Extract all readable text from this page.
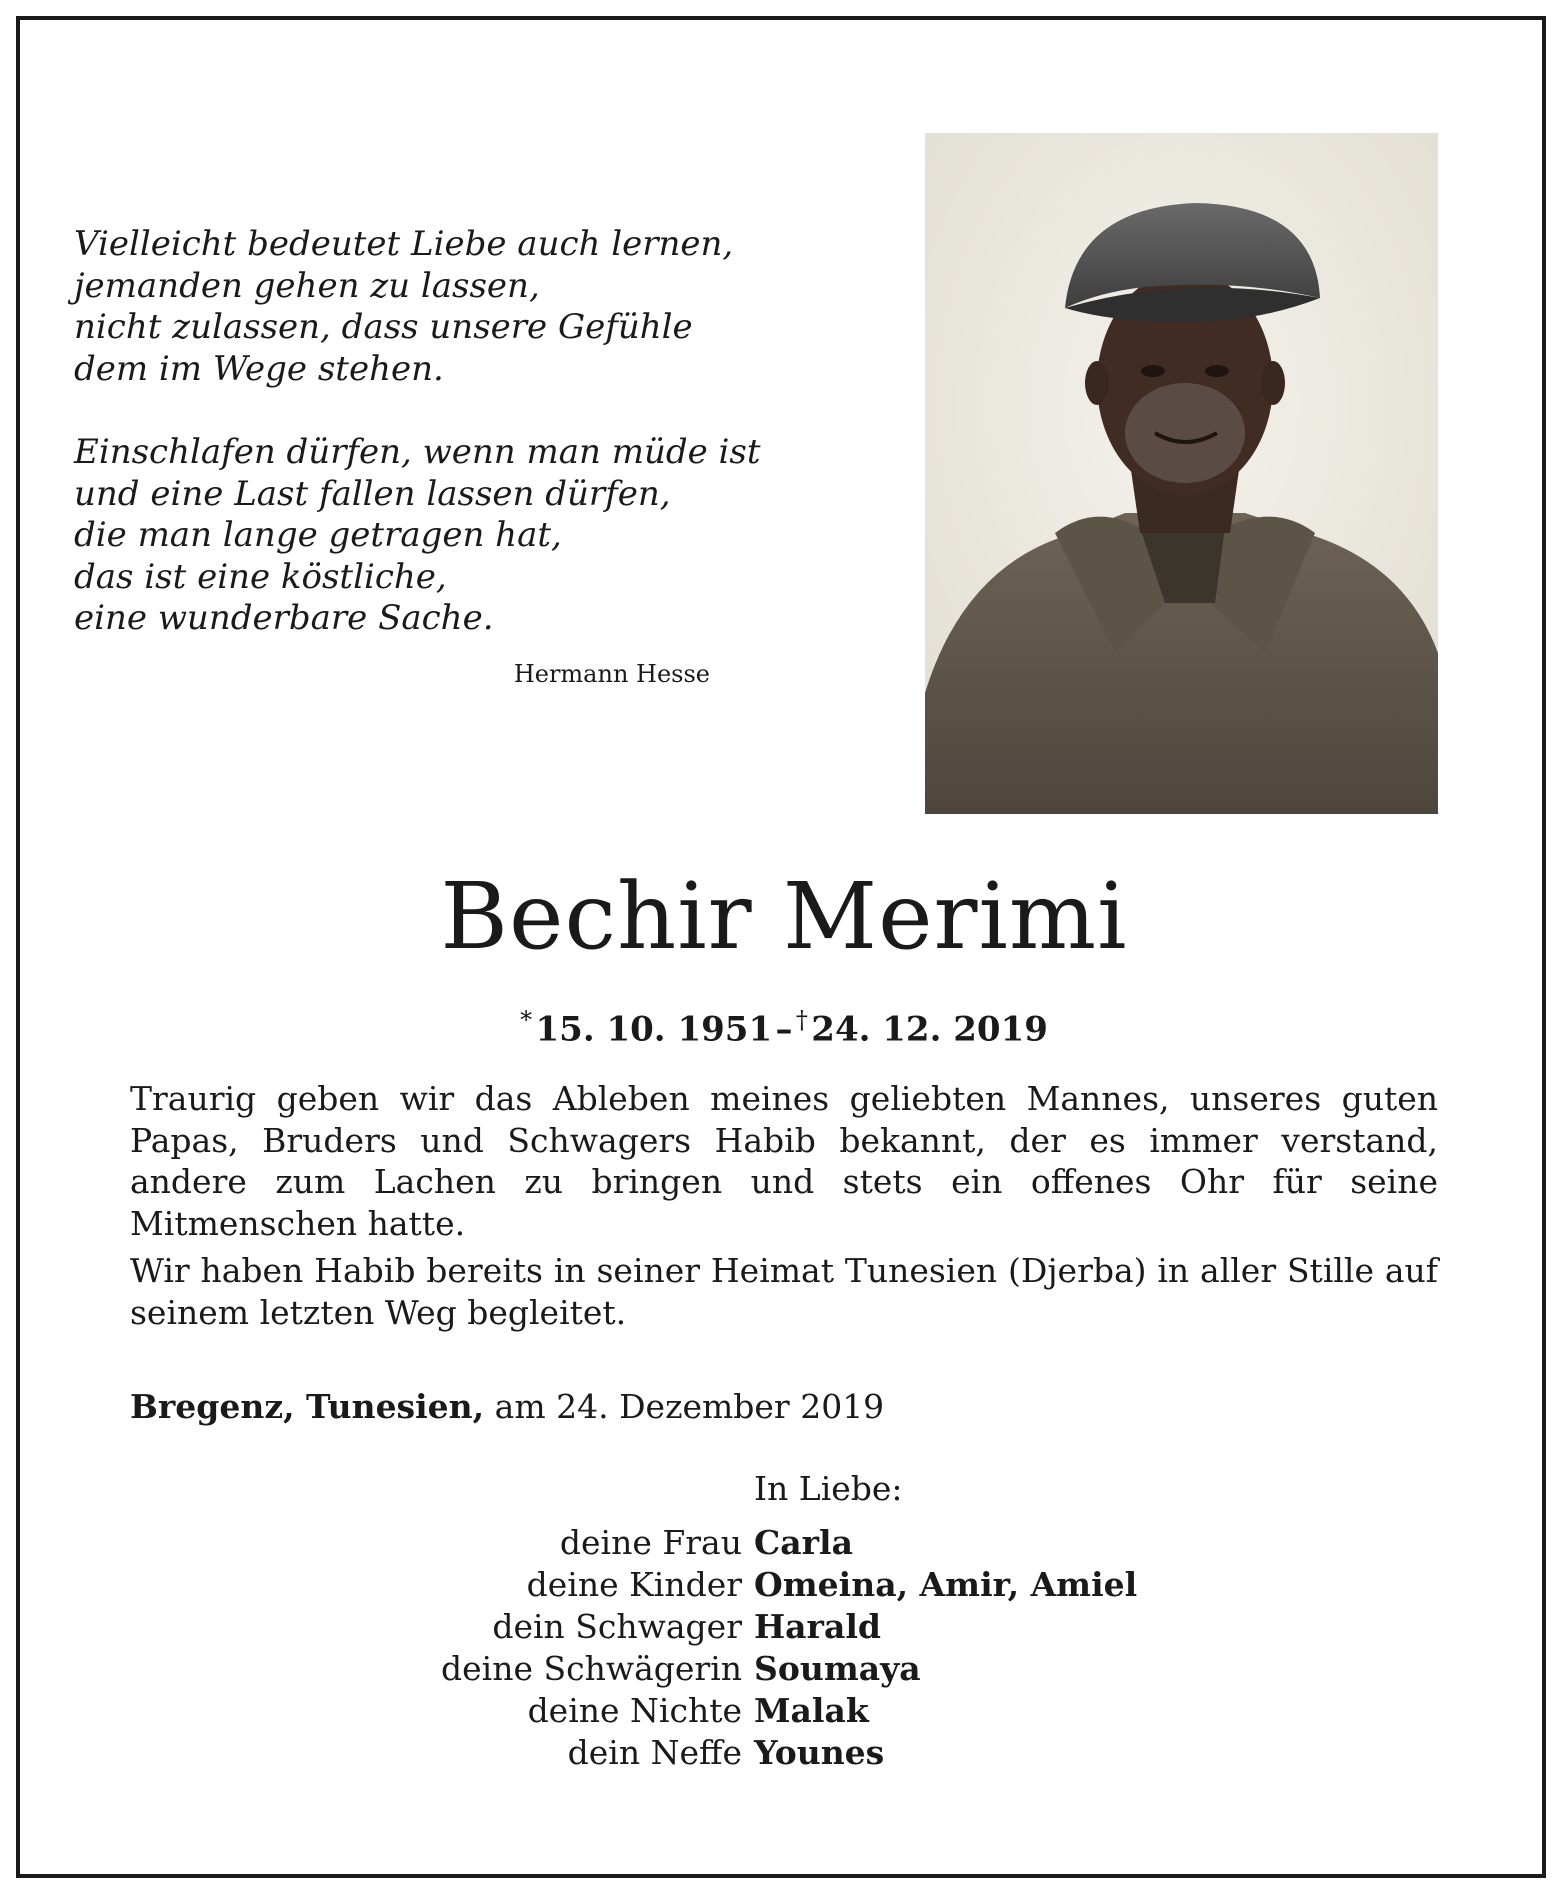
Vielleicht bedeutet Liebe auch lernen,
jemanden gehen zu lassen,
nicht zulassen, dass unsere Gefühle
dem im Wege stehen.
Einschlafen dürfen, wenn man müde ist
und eine Last fallen lassen dürfen,
die man lange getragen hat,
das ist eine köstliche,
eine wunderbare Sache.
Hermann Hesse
Bechir Merimi
* 15. 10. 1951 –  † 24. 12. 2019

Traurig geben wir das Ableben meines geliebten Mannes, unseres guten Papas, Bruders und Schwagers Habib bekannt, der es immer verstand, andere zum Lachen zu bringen und stets ein offenes Ohr für seine Mitmenschen hatte.

Wir haben Habib bereits in seiner Heimat Tunesien (Djerba) in aller Stille auf seinem letzten Weg begleitet.

Bregenz, Tunesien, am 24. Dezember 2019
In Liebe:
deine Frau Carla
deine Kinder Omeina, Amir, Amiel
dein Schwager Harald
deine Schwägerin Soumaya
deine Nichte Malak
dein Neffe Younes
